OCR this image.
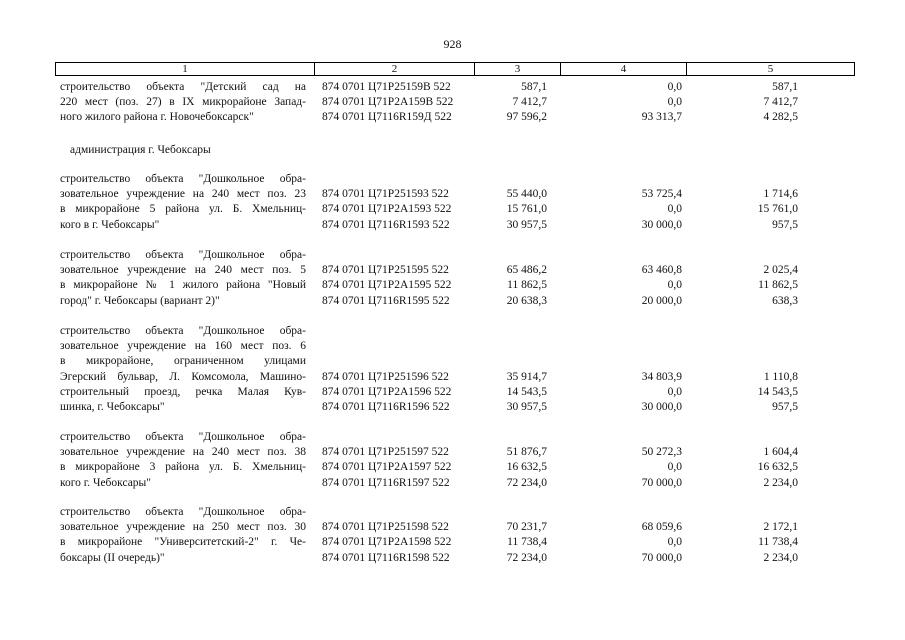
928
1	2	3	4	5
строительство объекта "Детский сад на
220 мест (поз. 27) в IX микрорайоне Запад-
ного жилого района г. Новочебоксарск"
874 0701 Ц71Р25159В 522	587,1	0,0	587,1
874 0701 Ц71Р2А159В 522	7 412,7	0,0	7 412,7
874 0701 Ц7116R159Д 522	97 596,2	93 313,7	4 282,5
администрация г. Чебоксары
строительство объекта "Дошкольное обра-
зовательное учреждение на 240 мест поз. 23
в микрорайоне 5 района ул. Б. Хмельниц-
кого в г. Чебоксары"
874 0701 Ц71Р251593 522	55 440,0	53 725,4	1 714,6
874 0701 Ц71Р2А1593 522	15 761,0	0,0	15 761,0
874 0701 Ц7116R1593 522	30 957,5	30 000,0	957,5
строительство объекта "Дошкольное обра-
зовательное учреждение на 240 мест поз. 5
в микрорайоне № 1 жилого района "Новый
город" г. Чебоксары (вариант 2)"
874 0701 Ц71Р251595 522	65 486,2	63 460,8	2 025,4
874 0701 Ц71Р2А1595 522	11 862,5	0,0	11 862,5
874 0701 Ц7116R1595 522	20 638,3	20 000,0	638,3
строительство объекта "Дошкольное обра-
зовательное учреждение на 160 мест поз. 6
в микрорайоне, ограниченном улицами
Эгерский бульвар, Л. Комсомола, Машино-
строительный проезд, речка Малая Кув-
шинка, г. Чебоксары"
874 0701 Ц71Р251596 522	35 914,7	34 803,9	1 110,8
874 0701 Ц71Р2А1596 522	14 543,5	0,0	14 543,5
874 0701 Ц7116R1596 522	30 957,5	30 000,0	957,5
строительство объекта "Дошкольное обра-
зовательное учреждение на 240 мест поз. 38
в микрорайоне 3 района ул. Б. Хмельниц-
кого г. Чебоксары"
874 0701 Ц71Р251597 522	51 876,7	50 272,3	1 604,4
874 0701 Ц71Р2А1597 522	16 632,5	0,0	16 632,5
874 0701 Ц7116R1597 522	72 234,0	70 000,0	2 234,0
строительство объекта "Дошкольное обра-
зовательное учреждение на 250 мест поз. 30
в микрорайоне "Университетский-2" г. Че-
боксары (II очередь)"
874 0701 Ц71Р251598 522	70 231,7	68 059,6	2 172,1
874 0701 Ц71Р2А1598 522	11 738,4	0,0	11 738,4
874 0701 Ц7116R1598 522	72 234,0	70 000,0	2 234,0
